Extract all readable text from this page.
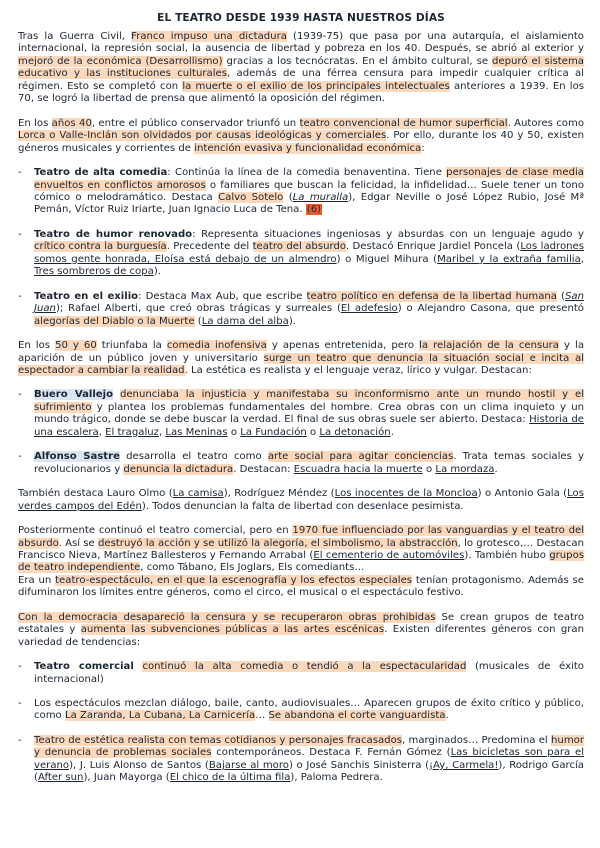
EL TEATRO DESDE 1939 HASTA NUESTROS DÍAS

Tras la Guerra Civil, Franco impuso una dictadura (1939-75) que pasa por una autarquía, el aislamiento internacional, la represión social, la ausencia de libertad y pobreza en los 40. Después, se abrió al exterior y mejoró de la económica (Desarrollismo) gracias a los tecnócratas. En el ámbito cultural, se depuró el sistema educativo y las instituciones culturales, además de una férrea censura para impedir cualquier crítica al régimen. Esto se completó con la muerte o el exilio de los principales intelectuales anteriores a 1939. En los 70, se logró la libertad de prensa que alimentó la oposición del régimen.

En los años 40, entre el público conservador triunfó un teatro convencional de humor superficial. Autores como Lorca o Valle-Inclán son olvidados por causas ideológicas y comerciales. Por ello, durante los 40 y 50, existen géneros musicales y corrientes de intención evasiva y funcionalidad económica:

- Teatro de alta comedia: Continúa la línea de la comedia benaventina. Tiene personajes de clase media envueltos en conflictos amorosos o familiares que buscan la felicidad, la infidelidad… Suele tener un tono cómico o melodramático. Destaca Calvo Sotelo (La muralla), Edgar Neville o José López Rubio, José Mª Pemán, Víctor Ruiz Iriarte, Juan Ignacio Luca de Tena. (6)
- Teatro de humor renovado: Representa situaciones ingeniosas y absurdas con un lenguaje agudo y crítico contra la burguesía. Precedente del teatro del absurdo. Destacó Enrique Jardiel Poncela (Los ladrones somos gente honrada, Eloísa está debajo de un almendro) o Miguel Mihura (Maribel y la extraña familia, Tres sombreros de copa).
- Teatro en el exilio: Destaca Max Aub, que escribe teatro político en defensa de la libertad humana (San Juan); Rafael Alberti, que creó obras trágicas y surreales (El adefesio) o Alejandro Casona, que presentó alegorías del Diablo o la Muerte (La dama del alba).

En los 50 y 60 triunfaba la comedia inofensiva y apenas entretenida, pero la relajación de la censura y la aparición de un público joven y universitario surge un teatro que denuncia la situación social e incita al espectador a cambiar la realidad. La estética es realista y el lenguaje veraz, lírico y vulgar. Destacan:

- Buero Vallejo denunciaba la injusticia y manifestaba su inconformismo ante un mundo hostil y el sufrimiento y plantea los problemas fundamentales del hombre. Crea obras con un clima inquieto y un mundo trágico, donde se debe buscar la verdad. El final de sus obras suele ser abierto. Destaca: Historia de una escalera, El tragaluz, Las Meninas o La Fundación o La detonación.
- Alfonso Sastre desarrolla el teatro como arte social para agitar conciencias. Trata temas sociales y revolucionarios y denuncia la dictadura. Destacan: Escuadra hacia la muerte o La mordaza.

También destaca Lauro Olmo (La camisa), Rodríguez Méndez (Los inocentes de la Moncloa) o Antonio Gala (Los verdes campos del Edén). Todos denuncian la falta de libertad con desenlace pesimista.

Posteriormente continuó el teatro comercial, pero en 1970 fue influenciado por las vanguardias y el teatro del absurdo. Así se destruyó la acción y se utilizó la alegoría, el simbolismo, la abstracción, lo grotesco,… Destacan Francisco Nieva, Martínez Ballesteros y Fernando Arrabal (El cementerio de automóviles). También hubo grupos de teatro independiente, como Tábano, Els Joglars, Els comediants…
Era un teatro-espectáculo, en el que la escenografía y los efectos especiales tenían protagonismo. Además se difuminaron los límites entre géneros, como el circo, el musical o el espectáculo festivo.

Con la democracia desapareció la censura y se recuperaron obras prohibidas Se crean grupos de teatro estatales y aumenta las subvenciones públicas a las artes escénicas. Existen diferentes géneros con gran variedad de tendencias:

- Teatro comercial continuó la alta comedia o tendió a la espectacularidad (musicales de éxito internacional)
- Los espectáculos mezclan diálogo, baile, canto, audiovisuales… Aparecen grupos de éxito crítico y público, como La Zaranda, La Cubana, La Carnicería… Se abandona el corte vanguardista.
- Teatro de estética realista con temas cotidianos y personajes fracasados, marginados… Predomina el humor y denuncia de problemas sociales contemporáneos. Destaca F. Fernán Gómez (Las bicicletas son para el verano), J. Luis Alonso de Santos (Bajarse al moro) o José Sanchis Sinisterra (¡Ay, Carmela!), Rodrigo García (After sun), Juan Mayorga (El chico de la última fila), Paloma Pedrera.
